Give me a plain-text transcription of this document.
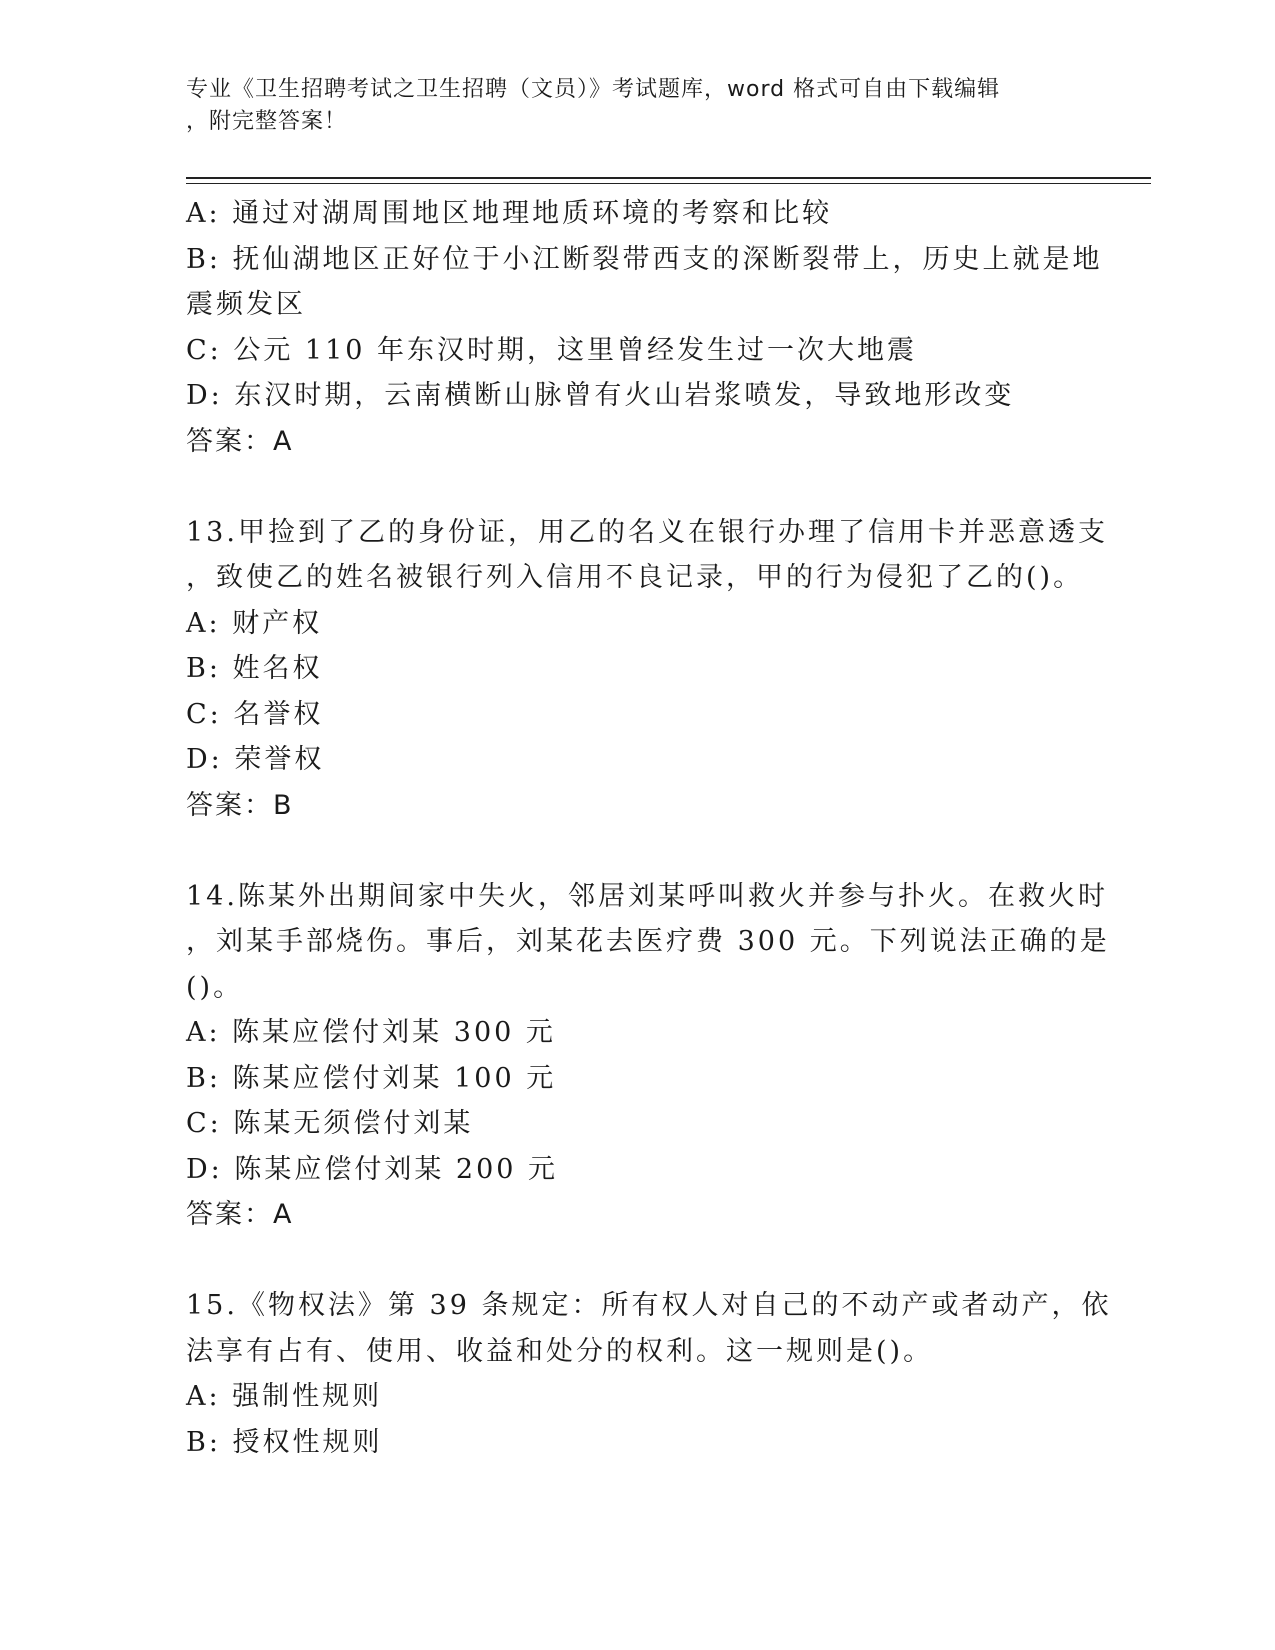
专业《卫生招聘考试之卫生招聘（文员）》考试题库，word 格式可自由下载编辑
，附完整答案！
A: 通过对湖周围地区地理地质环境的考察和比较
B: 抚仙湖地区正好位于小江断裂带西支的深断裂带上，历史上就是地
震频发区
C: 公元 110 年东汉时期，这里曾经发生过一次大地震
D: 东汉时期，云南横断山脉曾有火山岩浆喷发，导致地形改变
答案：A
13.甲捡到了乙的身份证，用乙的名义在银行办理了信用卡并恶意透支
，致使乙的姓名被银行列入信用不良记录，甲的行为侵犯了乙的()。
A: 财产权
B: 姓名权
C: 名誉权
D: 荣誉权
答案：B
14.陈某外出期间家中失火，邻居刘某呼叫救火并参与扑火。在救火时
，刘某手部烧伤。事后，刘某花去医疗费 300 元。下列说法正确的是
()。
A: 陈某应偿付刘某 300 元
B: 陈某应偿付刘某 100 元
C: 陈某无须偿付刘某
D: 陈某应偿付刘某 200 元
答案：A
15.《物权法》第 39 条规定：所有权人对自己的不动产或者动产，依
法享有占有、使用、收益和处分的权利。这一规则是()。
A: 强制性规则
B: 授权性规则
